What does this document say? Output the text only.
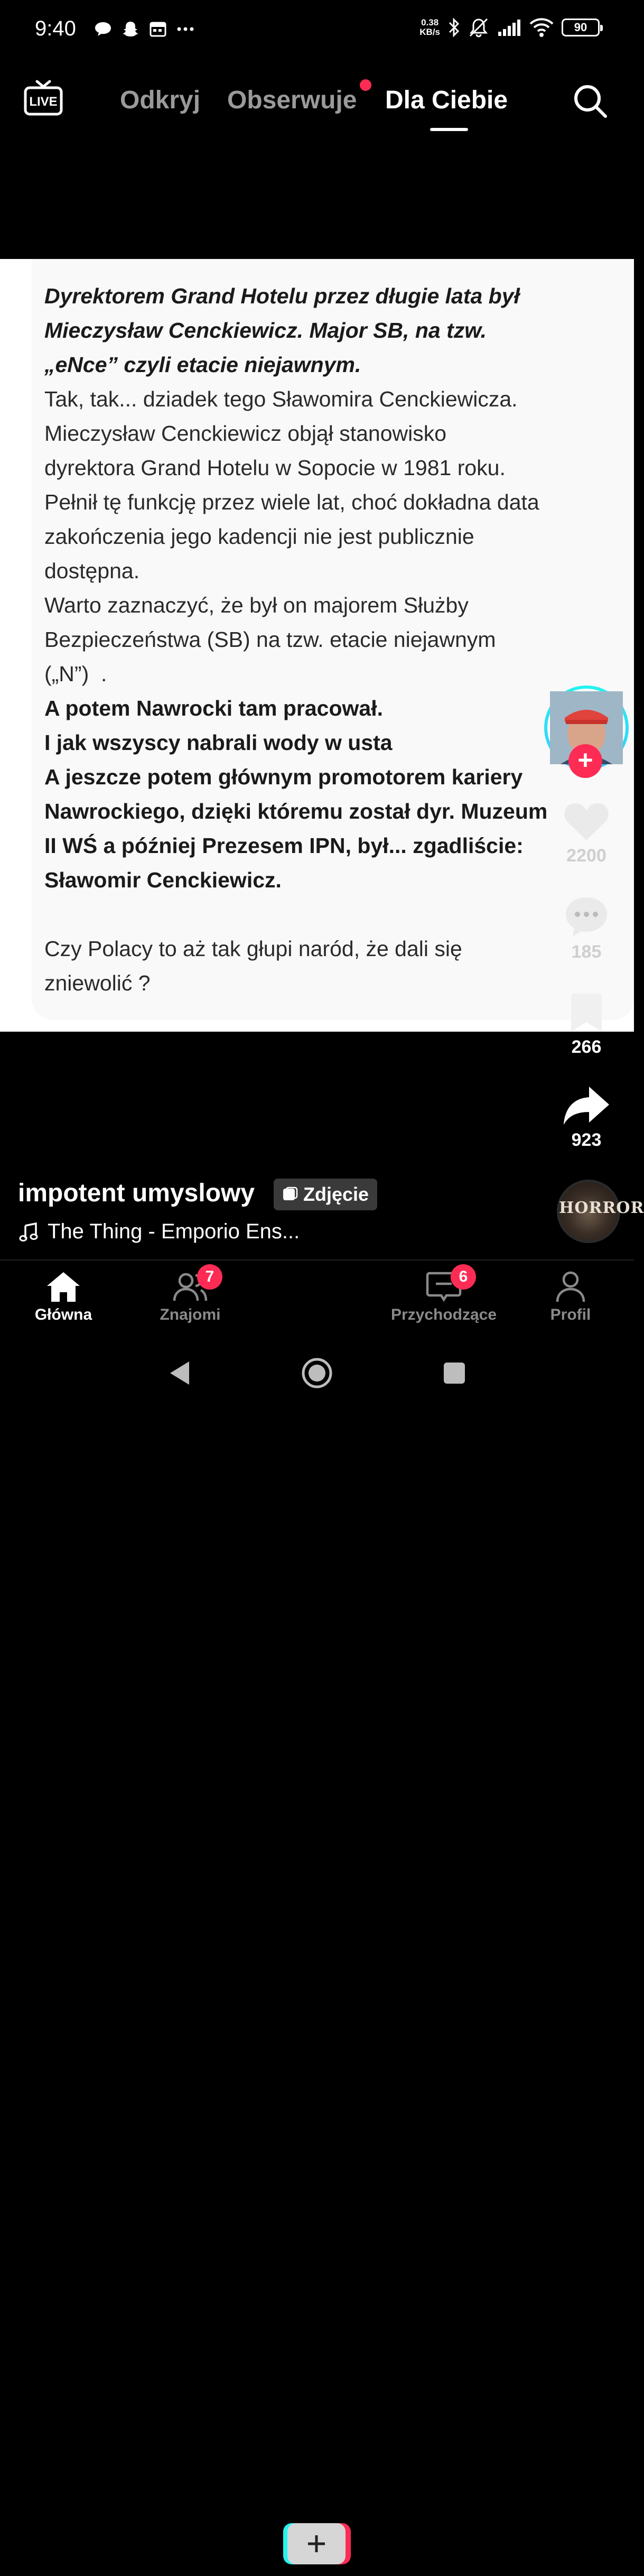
9:40	0.38
KB/s	90
LIVE Odkryj Obserwuje Dla Ciebie
Dyrektorem Grand Hotelu przez długie lata był
Mieczysław Cenckiewicz. Major SB, na tzw.
„eNce” czyli etacie niejawnym.
Tak, tak... dziadek tego Sławomira Cenckiewicza.
Mieczysław Cenckiewicz objął stanowisko
dyrektora Grand Hotelu w Sopocie w 1981 roku.
Pełnił tę funkcję przez wiele lat, choć dokładna data
zakończenia jego kadencji nie jest publicznie
dostępna.
Warto zaznaczyć, że był on majorem Służby
Bezpieczeństwa (SB) na tzw. etacie niejawnym
(„N”)  .
A potem Nawrocki tam pracował.
I jak wszyscy nabrali wody w usta
A jeszcze potem głównym promotorem kariery
Nawrockiego, dzięki któremu został dyr. Muzeum
II WŚ a później Prezesem IPN, był... zgadliście:
Sławomir Cenckiewicz.

Czy Polacy to aż tak głupi naród, że dali się
zniewolić ?
+
2200
185
266
923
impotent umyslowy	Zdjęcie
The Thing - Emporio Ens...
HORROR
Główna	Znajomi	Przychodzące	Profil
7	6
